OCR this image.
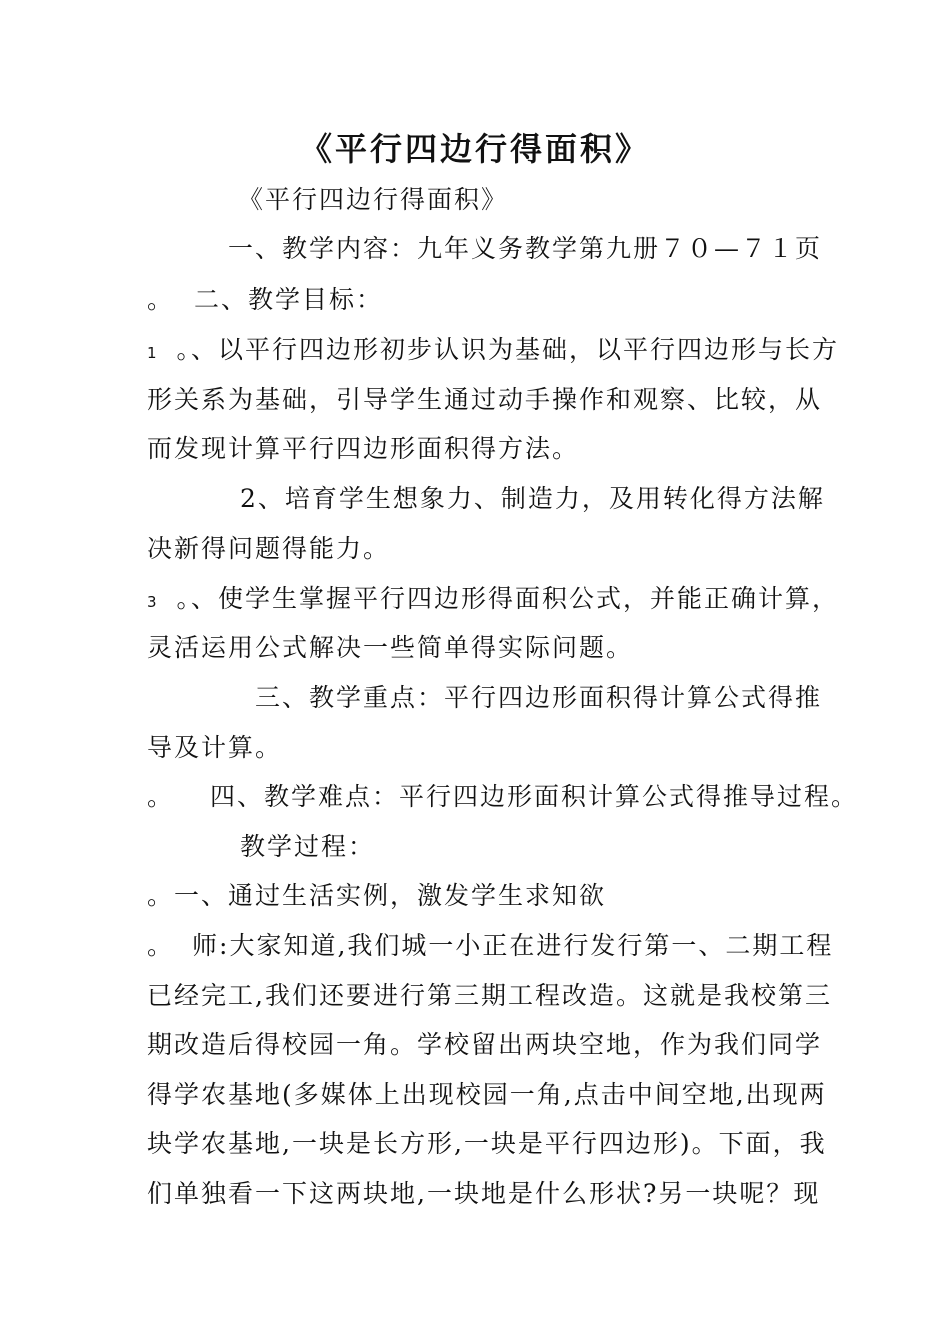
《平行四边行得面积》
《平行四边行得面积》
一、教学内容：九年义务教学第九册７０—７１页
。 二、教学目标：
1 。、以平行四边形初步认识为基础，以平行四边形与长方
形关系为基础，引导学生通过动手操作和观察、比较，从
而发现计算平行四边形面积得方法。
2、培育学生想象力、制造力，及用转化得方法解
决新得问题得能力。
3 。、使学生掌握平行四边形得面积公式，并能正确计算，
灵活运用公式解决一些简单得实际问题。
三、教学重点：平行四边形面积得计算公式得推
导及计算。
。 四、教学难点：平行四边形面积计算公式得推导过程。
教学过程：
。一、通过生活实例，激发学生求知欲
。 师:大家知道,我们城一小正在进行发行第一、二期工程
已经完工,我们还要进行第三期工程改造。这就是我校第三
期改造后得校园一角。学校留出两块空地，作为我们同学
得学农基地(多媒体上出现校园一角,点击中间空地,出现两
块学农基地,一块是长方形,一块是平行四边形)。下面，我
们单独看一下这两块地,一块地是什么形状?另一块呢？现
